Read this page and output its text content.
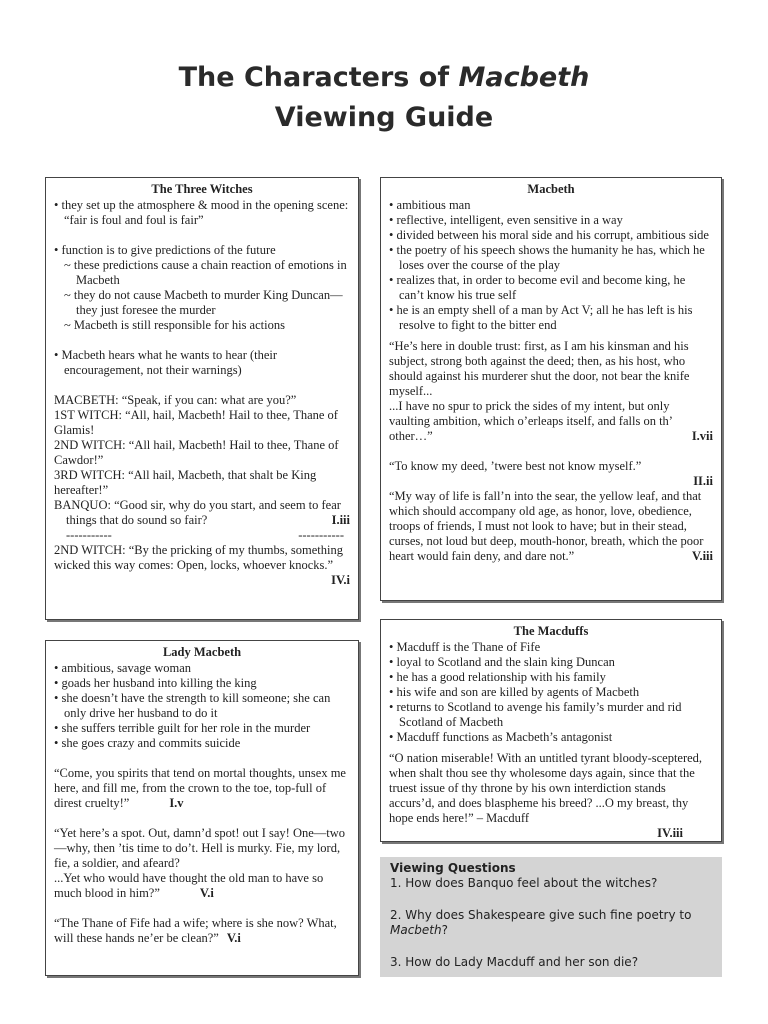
The Characters of Macbeth
Viewing Guide
The Three Witches
• they set up the atmosphere & mood in the opening scene: “fair is foul and foul is fair”
• function is to give predictions of the future
~ these predictions cause a chain reaction of emotions in Macbeth
~ they do not cause Macbeth to murder King Duncan—they just foresee the murder
~ Macbeth is still responsible for his actions
• Macbeth hears what he wants to hear (their encouragement, not their warnings)
MACBETH: “Speak, if you can: what are you?”
1ST WITCH: “All, hail, Macbeth! Hail to thee, Thane of Glamis!
2ND WITCH: “All hail, Macbeth! Hail to thee, Thane of Cawdor!”
3RD WITCH: “All hail, Macbeth, that shalt be King hereafter!”
BANQUO: “Good sir, why do you start, and seem to fear things that do sound so fair?	I.iii
-----------	-----------
2ND WITCH: “By the pricking of my thumbs, something wicked this way comes: Open, locks, whoever knocks.”
IV.i
Macbeth
• ambitious man
• reflective, intelligent, even sensitive in a way
• divided between his moral side and his corrupt, ambitious side
• the poetry of his speech shows the humanity he has, which he loses over the course of the play
• realizes that, in order to become evil and become king, he can’t know his true self
• he is an empty shell of a man by Act V; all he has left is his resolve to fight to the bitter end
“He’s here in double trust: first, as I am his kinsman and his subject, strong both against the deed; then, as his host, who should against his murderer shut the door, not bear the knife myself...
...I have no spur to prick the sides of my intent, but only vaulting ambition, which o’erleaps itself, and falls on th’ other…”	I.vii
“To know my deed, ’twere best not know myself.”

II.ii
“My way of life is fall’n into the sear, the yellow leaf, and that which should accompany old age, as honor, love, obedience, troops of friends, I must not look to have; but in their stead, curses, not loud but deep, mouth-honor, breath, which the poor heart would fain deny, and dare not.”	V.iii
Lady Macbeth
• ambitious, savage woman
• goads her husband into killing the king
• she doesn’t have the strength to kill someone; she can only drive her husband to do it
• she suffers terrible guilt for her role in the murder
• she goes crazy and commits suicide
“Come, you spirits that tend on mortal thoughts, unsex me here, and fill me, from the crown to the toe, top-full of direst cruelty!”	I.v
“Yet here’s a spot. Out, damn’d spot! out I say! One—two—why, then ’tis time to do’t. Hell is murky. Fie, my lord, fie, a soldier, and afeard?
...Yet who would have thought the old man to have so much blood in him?”	V.i
“The Thane of Fife had a wife; where is she now? What, will these hands ne’er be clean?” V.i
The Macduffs
• Macduff is the Thane of Fife
• loyal to Scotland and the slain king Duncan
• he has a good relationship with his family
• his wife and son are killed by agents of Macbeth
• returns to Scotland to avenge his family’s murder and rid Scotland of Macbeth
• Macduff functions as Macbeth’s antagonist
“O nation miserable! With an untitled tyrant bloody-sceptered, when shalt thou see thy wholesome days again, since that the truest issue of thy throne by his own interdiction stands accurs’d, and does blaspheme his breed? ...O my breast, thy hope ends here!” – Macduff
IV.iii
Viewing Questions
1. How does Banquo feel about the witches?
2. Why does Shakespeare give such fine poetry to Macbeth?
3. How do Lady Macduff and her son die?
